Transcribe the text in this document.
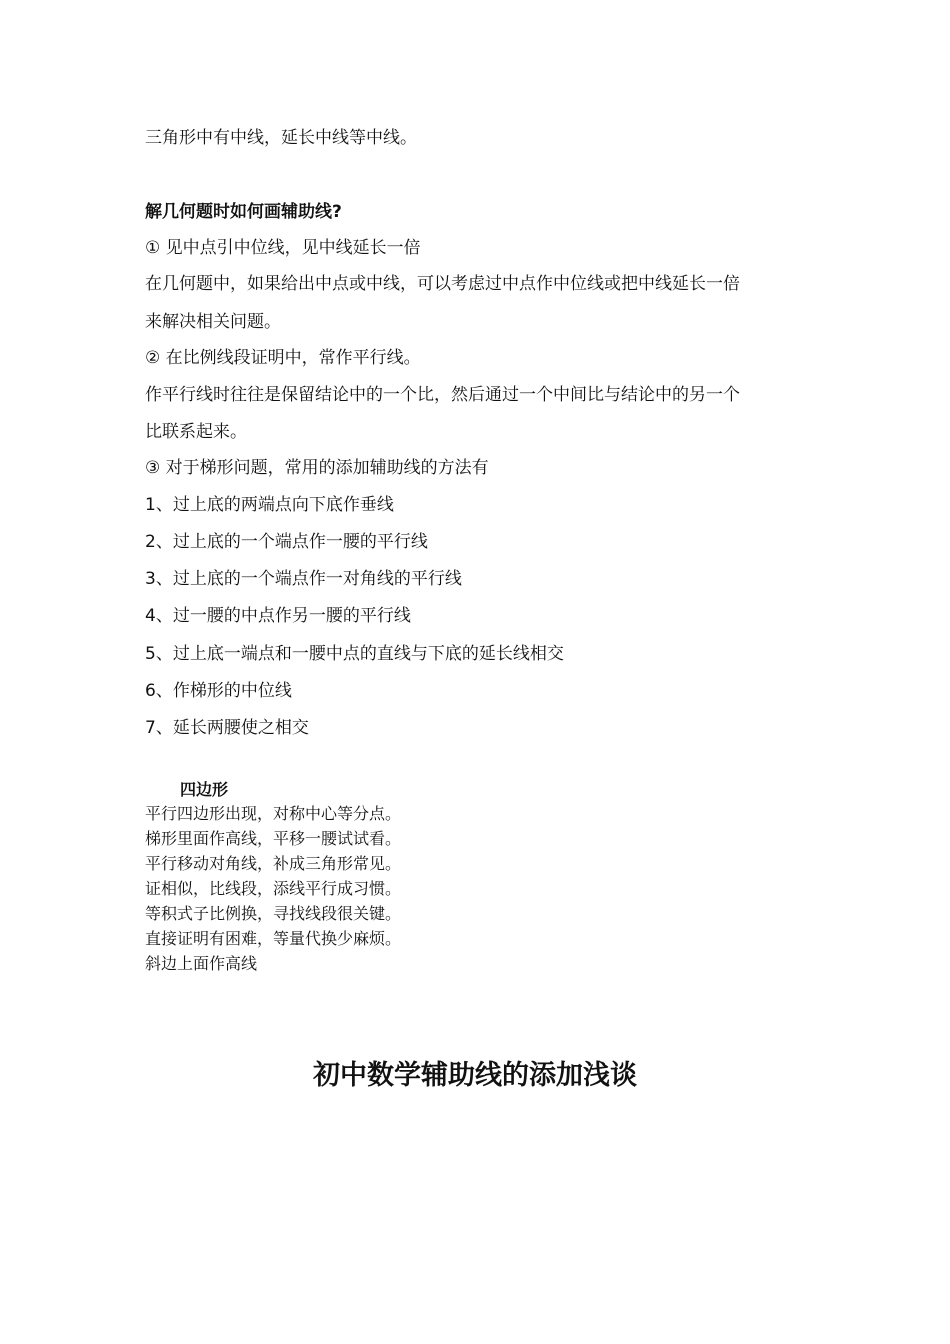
三角形中有中线，延长中线等中线。
解几何题时如何画辅助线?
① 见中点引中位线，见中线延长一倍
在几何题中，如果给出中点或中线，可以考虑过中点作中位线或把中线延长一倍
来解决相关问题。
② 在比例线段证明中，常作平行线。
作平行线时往往是保留结论中的一个比，然后通过一个中间比与结论中的另一个
比联系起来。
③ 对于梯形问题，常用的添加辅助线的方法有
1、过上底的两端点向下底作垂线
2、过上底的一个端点作一腰的平行线
3、过上底的一个端点作一对角线的平行线
4、过一腰的中点作另一腰的平行线
5、过上底一端点和一腰中点的直线与下底的延长线相交
6、作梯形的中位线
7、延长两腰使之相交
四边形
平行四边形出现，对称中心等分点。
梯形里面作高线，平移一腰试试看。
平行移动对角线，补成三角形常见。
证相似，比线段，添线平行成习惯。
等积式子比例换，寻找线段很关键。
直接证明有困难，等量代换少麻烦。
斜边上面作高线
初中数学辅助线的添加浅谈
